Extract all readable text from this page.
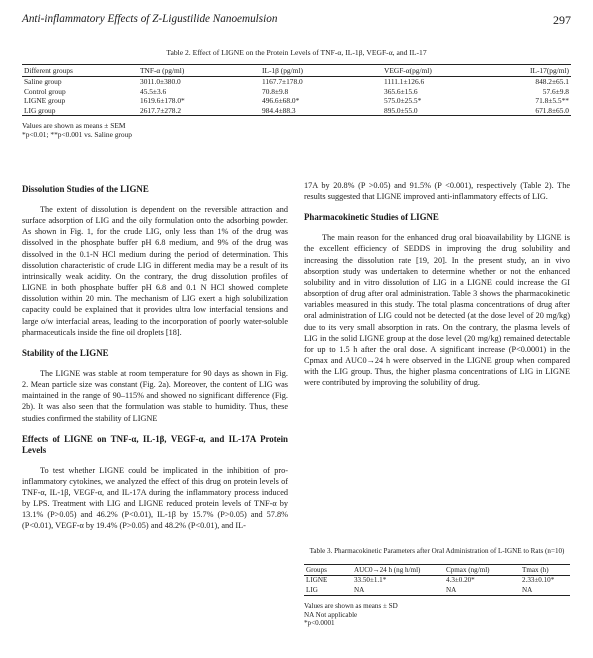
Anti-inflammatory Effects of Z-Ligustilide Nanoemulsion	297
Table 2. Effect of LIGNE on the Protein Levels of TNF-α, IL-1β, VEGF-α, and IL-17
Different groups	TNF-α (pg/ml)	IL-1β (pg/ml)	VEGF-α(pg/ml)	IL-17(pg/ml)
Saline group	3011.0±380.0	1167.7±178.0	1111.1±126.6	848.2±65.1
Control group	45.5±3.6	70.8±9.8	365.6±15.6	57.6±9.8
LIGNE group	1619.6±178.0*	496.6±68.0*	575.0±25.5*	71.8±5.5**
LIG group	2617.7±278.2	984.4±88.3	895.0±55.0	671.8±65.0
Values are shown as means ± SEM
*p<0.01; **p<0.001 vs. Saline group
Dissolution Studies of the LIGNE

The extent of dissolution is dependent on the reversible attraction and surface adsorption of LIG and the oily formulation onto the adsorbing powder. As shown in Fig. 1, for the crude LIG, only less than 1% of the drug was dissolved in the phosphate buffer pH 6.8 medium, and 9% of the drug was dissolved in the 0.1-N HCl medium during the period of determination. This dissolution characteristic of crude LIG in different media may be a result of its intrinsically weak acidity. On the contrary, the drug dissolution profiles of LIGNE in both phosphate buffer pH 6.8 and 0.1 N HCl showed complete dissolution within 20 min. The mechanism of LIG exert a high solubilization capacity could be explained that it provides ultra low interfacial tensions and large o/w interfacial areas, leading to the incorporation of poorly water-soluble pharmaceuticals inside the fine oil droplets [18].

Stability of the LIGNE

The LIGNE was stable at room temperature for 90 days as shown in Fig. 2. Mean particle size was constant (Fig. 2a). Moreover, the content of LIG was maintained in the range of 90–115% and showed no significant difference (Fig. 2b). It was also seen that the formulation was stable to humidity. Thus, these studies confirmed the stability of LIGNE

Effects of LIGNE on TNF-α, IL-1β, VEGF-α, and IL-17A Protein Levels

To test whether LIGNE could be implicated in the inhibition of pro-inflammatory cytokines, we analyzed the effect of this drug on protein levels of TNF-α, IL-1β, VEGF-α, and IL-17A during the inflammatory process induced by LPS. Treatment with LIG and LIGNE reduced protein levels of TNF-α by 13.1% (P>0.05) and 46.2% (P<0.01), IL-1β by 15.7% (P>0.05) and 57.8% (P<0.01), VEGF-α by 19.4% (P>0.05) and 48.2% (P<0.01), and IL-

17A by 20.8% (P >0.05) and 91.5% (P <0.001), respectively (Table 2). The results suggested that LIGNE improved anti-inflammatory effects of LIG.

Pharmacokinetic Studies of LIGNE

The main reason for the enhanced drug oral bioavailability by LIGNE is the excellent efficiency of SEDDS in improving the drug solubility and increasing the dissolution rate [19, 20]. In the present study, an in vivo absorption study was undertaken to determine whether or not the enhanced solubility and in vitro dissolution of LIG in a LIGNE could increase the GI absorption of drug after oral administration. Table 3 shows the pharmacokinetic variables measured in this study. The total plasma concentrations of drug after oral administration of LIG could not be detected (at the dose level of 20 mg/kg) due to its very small absorption in rats. On the contrary, the plasma levels of LIG in the solid LIGNE group at the dose level (20 mg/kg) remained detectable for up to 1.5 h after the oral dose. A significant increase (P<0.0001) in the Cpmax and AUC0→24 h were observed in the LIGNE group when compared with the LIG group. Thus, the higher plasma concentrations of LIG in LIGNE were contributed by improving the solubility of drug.

Table 3. Pharmacokinetic Parameters after Oral Administration of L-IGNE to Rats (n=10)
Groups	AUC0→24 h (ng h/ml)	Cpmax (ng/ml)	Tmax (h)
LIGNE	33.50±1.1*	4.3±0.20*	2.33±0.10*
LIG	NA	NA	NA
Values are shown as means ± SD
NA Not applicable
*p<0.0001
